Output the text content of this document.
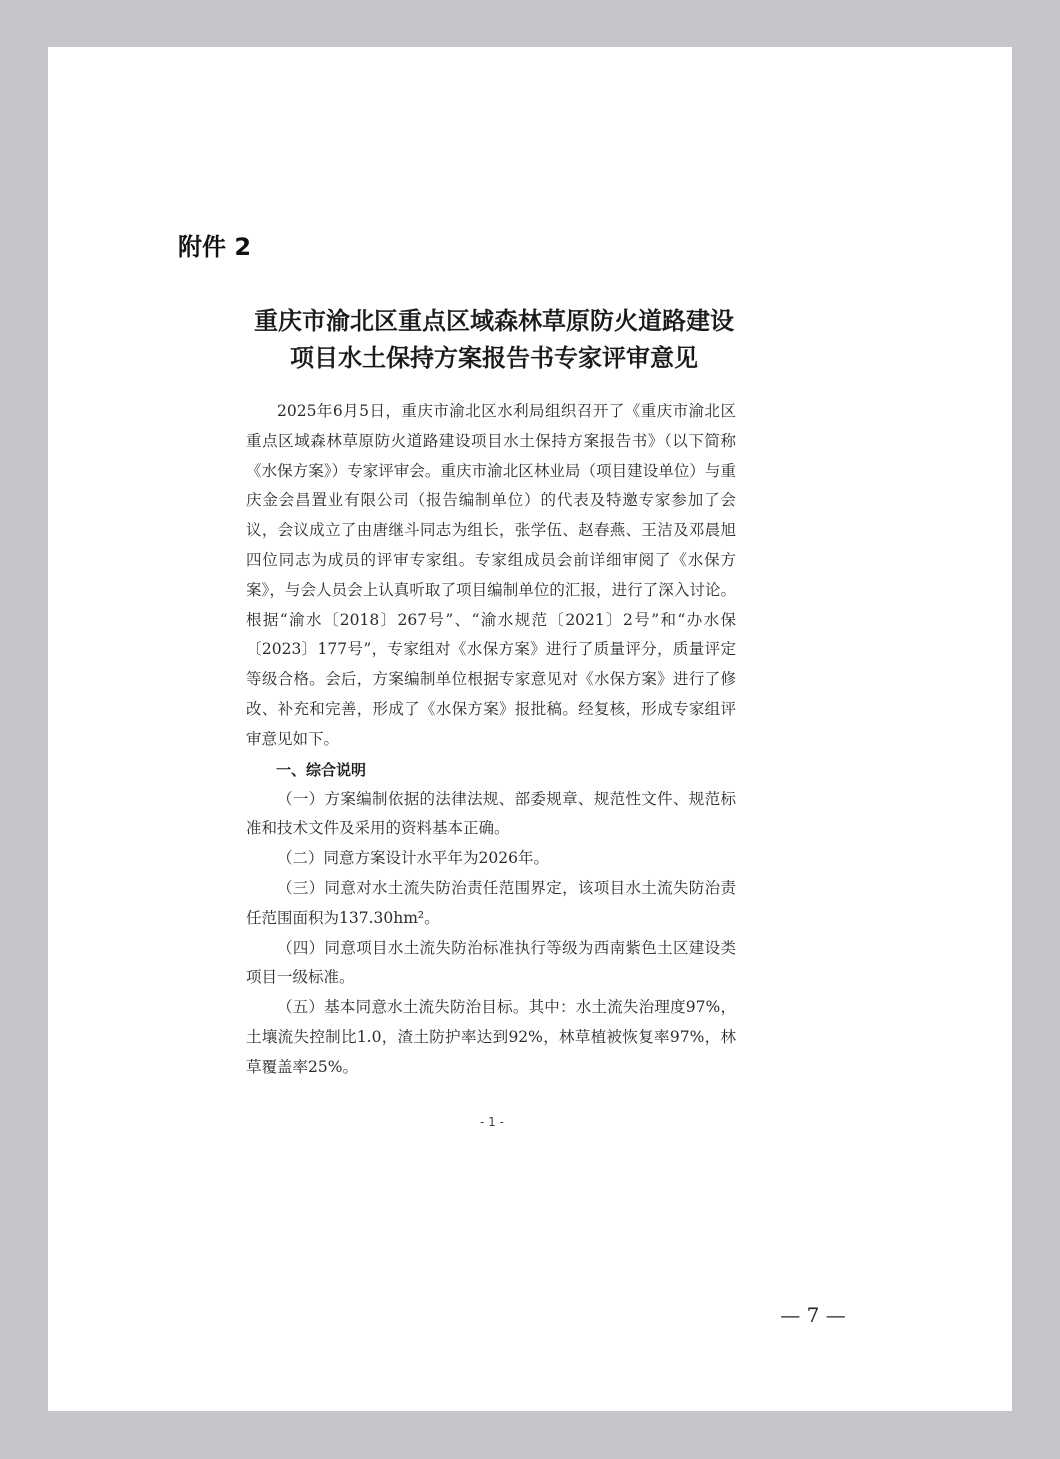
附件 2
重庆市渝北区重点区域森林草原防火道路建设项目水土保持方案报告书专家评审意见

2025年6月5日，重庆市渝北区水利局组织召开了《重庆市渝北区重点区域森林草原防火道路建设项目水土保持方案报告书》（以下简称《水保方案》）专家评审会。重庆市渝北区林业局（项目建设单位）与重庆金会昌置业有限公司（报告编制单位）的代表及特邀专家参加了会议，会议成立了由唐继斗同志为组长，张学伍、赵春燕、王洁及邓晨旭四位同志为成员的评审专家组。专家组成员会前详细审阅了《水保方案》，与会人员会上认真听取了项目编制单位的汇报，进行了深入讨论。根据“渝水〔2018〕267号”、“渝水规范〔2021〕2号”和“办水保〔2023〕177号”，专家组对《水保方案》进行了质量评分，质量评定等级合格。会后，方案编制单位根据专家意见对《水保方案》进行了修改、补充和完善，形成了《水保方案》报批稿。经复核，形成专家组评审意见如下。

一、综合说明

（一）方案编制依据的法律法规、部委规章、规范性文件、规范标准和技术文件及采用的资料基本正确。

（二）同意方案设计水平年为2026年。

（三）同意对水土流失防治责任范围界定，该项目水土流失防治责任范围面积为137.30hm²。

（四）同意项目水土流失防治标准执行等级为西南紫色土区建设类项目一级标准。

（五）基本同意水土流失防治目标。其中：水土流失治理度97%，土壤流失控制比1.0，渣土防护率达到92%，林草植被恢复率97%，林草覆盖率25%。

- 1 -
— 7 —
